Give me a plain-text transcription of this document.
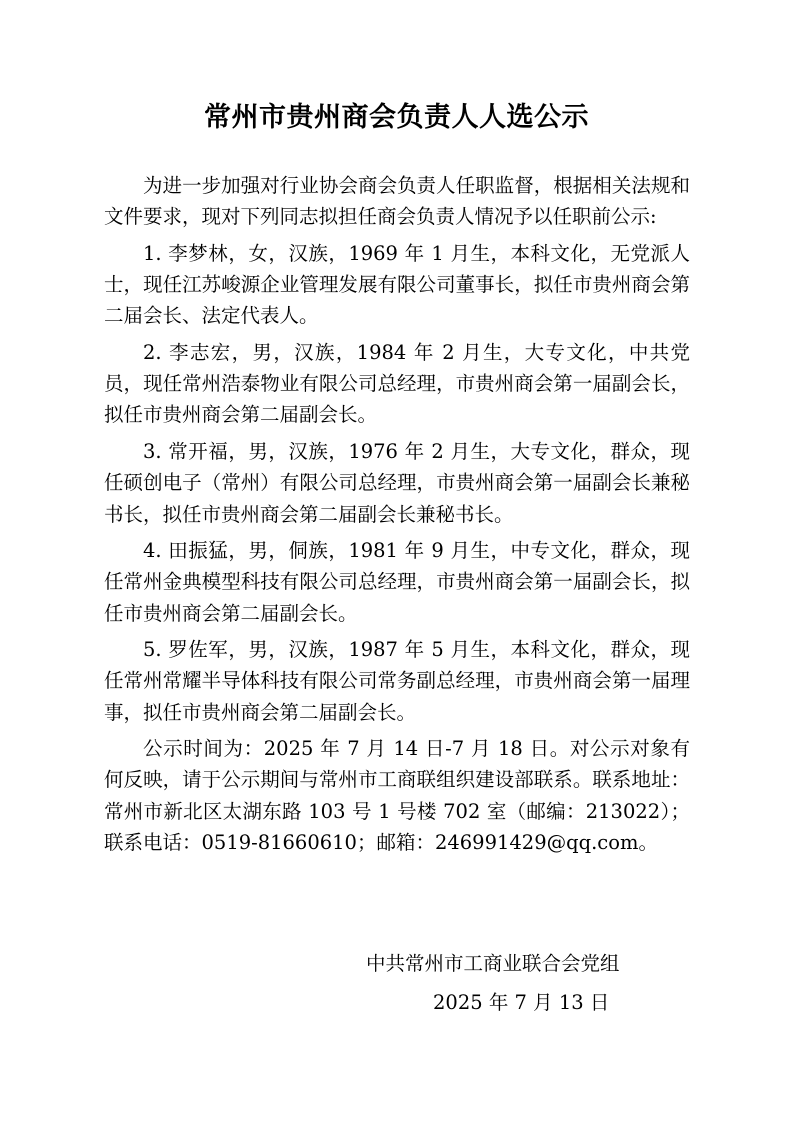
常州市贵州商会负责人人选公示

为进一步加强对行业协会商会负责人任职监督，根据相关法规和文件要求，现对下列同志拟担任商会负责人情况予以任职前公示:

1. 李梦林，女，汉族，1969 年 1 月生，本科文化，无党派人士，现任江苏峻源企业管理发展有限公司董事长，拟任市贵州商会第二届会长、法定代表人。

2. 李志宏，男，汉族，1984 年 2 月生，大专文化，中共党员，现任常州浩泰物业有限公司总经理，市贵州商会第一届副会长，拟任市贵州商会第二届副会长。

3. 常开福，男，汉族，1976 年 2 月生，大专文化，群众，现任硕创电子（常州）有限公司总经理，市贵州商会第一届副会长兼秘书长，拟任市贵州商会第二届副会长兼秘书长。

4. 田振猛，男，侗族，1981 年 9 月生，中专文化，群众，现任常州金典模型科技有限公司总经理，市贵州商会第一届副会长，拟任市贵州商会第二届副会长。

5. 罗佐军，男，汉族，1987 年 5 月生，本科文化，群众，现任常州常耀半导体科技有限公司常务副总经理，市贵州商会第一届理事，拟任市贵州商会第二届副会长。

公示时间为：2025 年 7 月 14 日-7 月 18 日。对公示对象有何反映，请于公示期间与常州市工商联组织建设部联系。联系地址：常州市新北区太湖东路 103 号 1 号楼 702 室（邮编：213022）；联系电话：0519-81660610；邮箱：246991429@qq.com。

中共常州市工商业联合会党组
2025 年 7 月 13 日
